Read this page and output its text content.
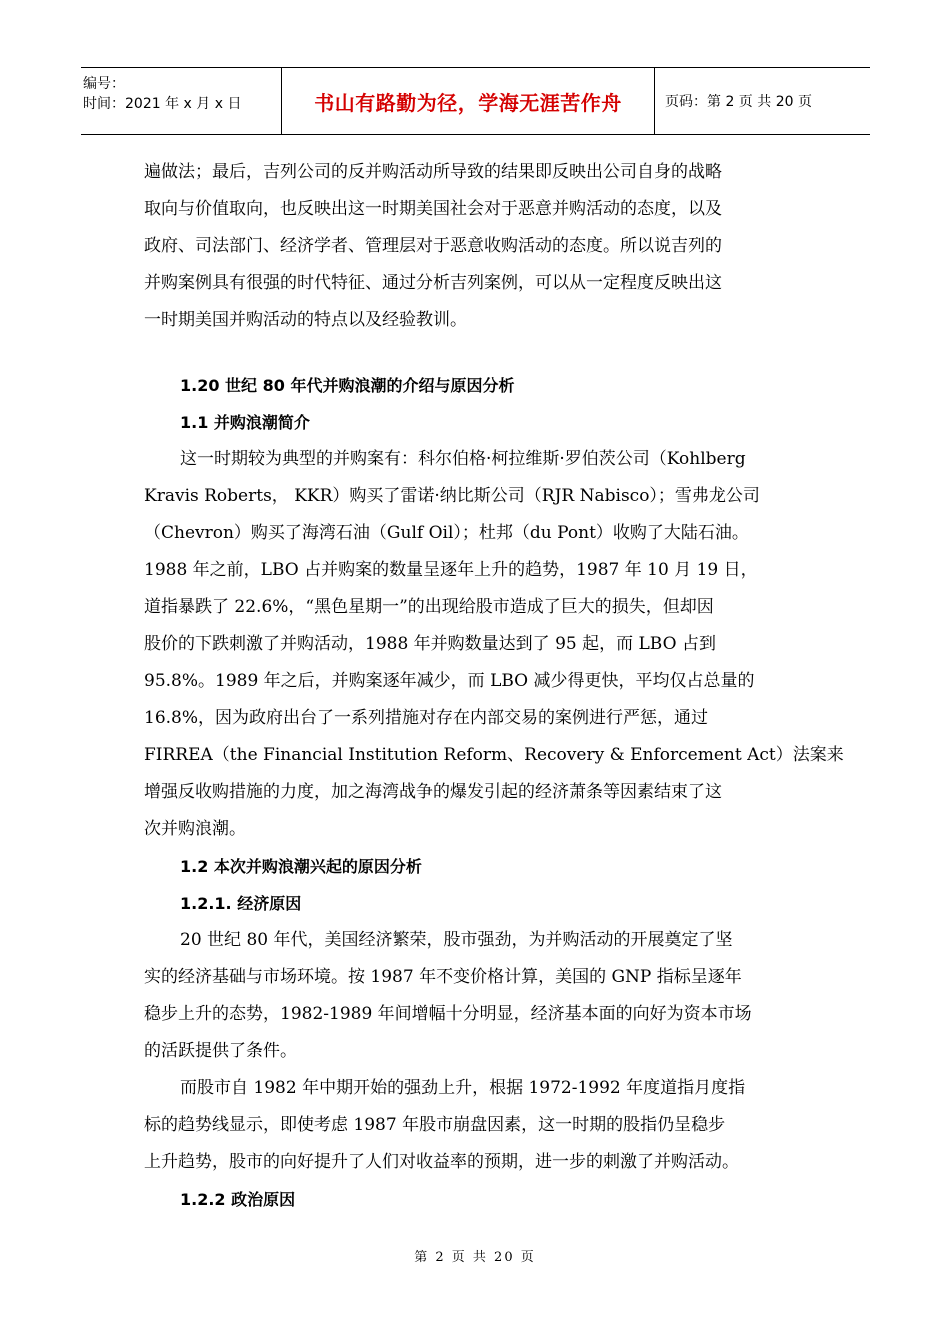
编号：
时间：2021 年 x 月 x 日	书山有路勤为径，学海无涯苦作舟	页码：第 2 页 共 20 页
遍做法；最后，吉列公司的反并购活动所导致的结果即反映出公司自身的战略
取向与价值取向，也反映出这一时期美国社会对于恶意并购活动的态度，以及
政府、司法部门、经济学者、管理层对于恶意收购活动的态度。所以说吉列的
并购案例具有很强的时代特征、通过分析吉列案例，可以从一定程度反映出这
一时期美国并购活动的特点以及经验教训。
1.20 世纪 80 年代并购浪潮的介绍与原因分析
1.1 并购浪潮简介
这一时期较为典型的并购案有：科尔伯格·柯拉维斯·罗伯茨公司（Kohlberg
Kravis Roberts， KKR）购买了雷诺·纳比斯公司（RJR Nabisco）；雪弗龙公司
（Chevron）购买了海湾石油（Gulf Oil）；杜邦（du Pont）收购了大陆石油。
1988 年之前，LBO 占并购案的数量呈逐年上升的趋势，1987 年 10 月 19 日，
道指暴跌了 22.6%，“黑色星期一”的出现给股市造成了巨大的损失，但却因
股价的下跌刺激了并购活动，1988 年并购数量达到了 95 起，而 LBO 占到
95.8%。1989 年之后，并购案逐年减少，而 LBO 减少得更快，平均仅占总量的
16.8%，因为政府出台了一系列措施对存在内部交易的案例进行严惩，通过
FIRREA（the Financial Institution Reform、Recovery & Enforcement Act）法案来
增强反收购措施的力度，加之海湾战争的爆发引起的经济萧条等因素结束了这
次并购浪潮。
1.2 本次并购浪潮兴起的原因分析
1.2.1. 经济原因
20 世纪 80 年代，美国经济繁荣，股市强劲，为并购活动的开展奠定了坚
实的经济基础与市场环境。按 1987 年不变价格计算，美国的 GNP 指标呈逐年
稳步上升的态势，1982-1989 年间增幅十分明显，经济基本面的向好为资本市场
的活跃提供了条件。
而股市自 1982 年中期开始的强劲上升，根据 1972-1992 年度道指月度指
标的趋势线显示，即使考虑 1987 年股市崩盘因素，这一时期的股指仍呈稳步
上升趋势，股市的向好提升了人们对收益率的预期，进一步的刺激了并购活动。
1.2.2 政治原因
第 2 页 共 20 页
